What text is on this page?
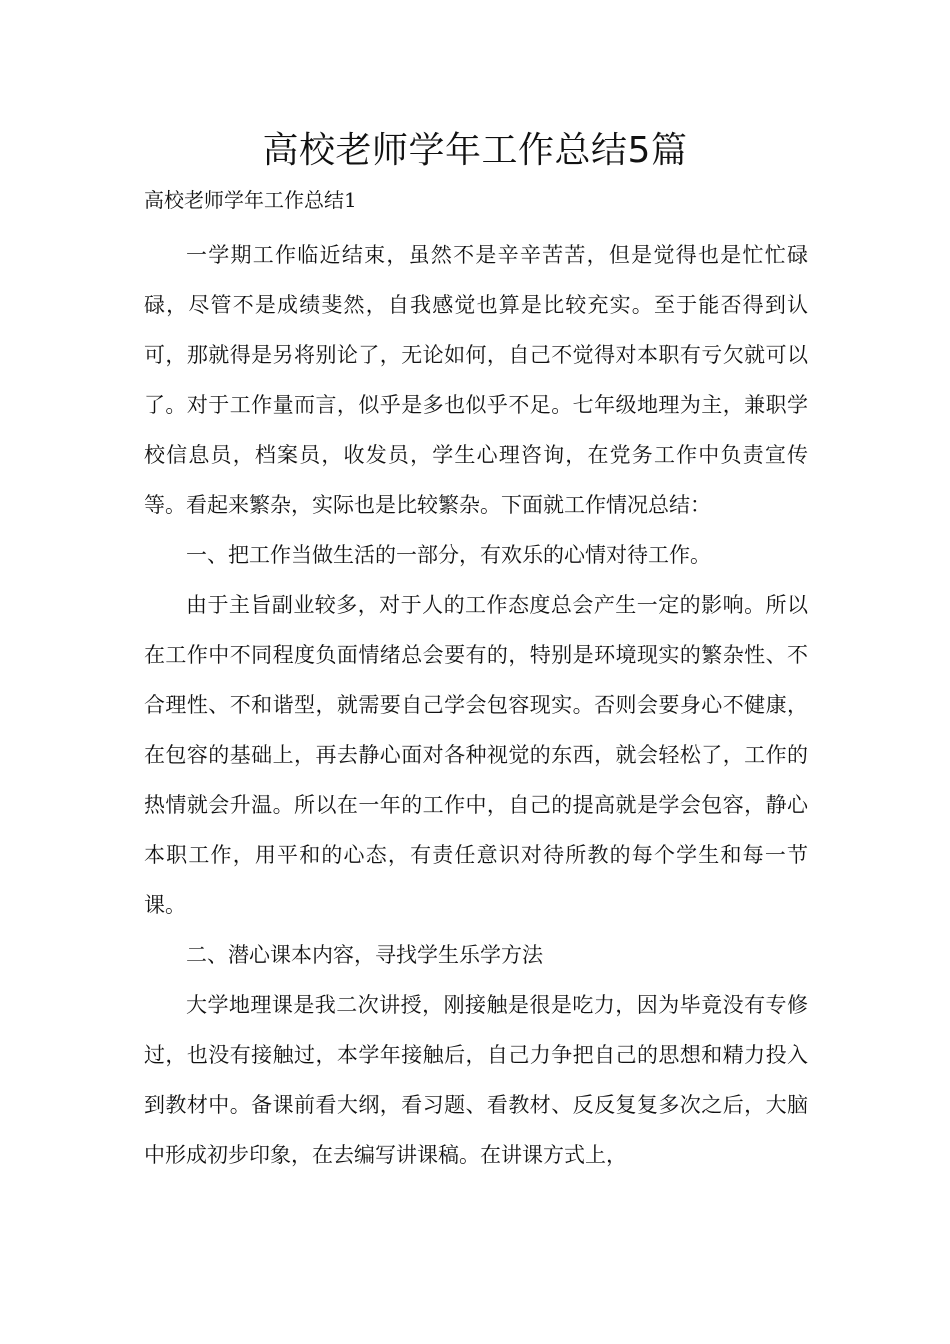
高校老师学年工作总结5篇
高校老师学年工作总结1

一学期工作临近结束，虽然不是辛辛苦苦，但是觉得也是忙忙碌碌，尽管不是成绩斐然，自我感觉也算是比较充实。至于能否得到认可，那就得是另将别论了，无论如何，自己不觉得对本职有亏欠就可以了。对于工作量而言，似乎是多也似乎不足。七年级地理为主，兼职学校信息员，档案员，收发员，学生心理咨询，在党务工作中负责宣传等。看起来繁杂，实际也是比较繁杂。下面就工作情况总结：

一、把工作当做生活的一部分，有欢乐的心情对待工作。

由于主旨副业较多，对于人的工作态度总会产生一定的影响。所以在工作中不同程度负面情绪总会要有的，特别是环境现实的繁杂性、不合理性、不和谐型，就需要自己学会包容现实。否则会要身心不健康，在包容的基础上，再去静心面对各种视觉的东西，就会轻松了，工作的热情就会升温。所以在一年的工作中，自己的提高就是学会包容，静心本职工作，用平和的心态，有责任意识对待所教的每个学生和每一节课。

二、潜心课本内容，寻找学生乐学方法

大学地理课是我二次讲授，刚接触是很是吃力，因为毕竟没有专修过，也没有接触过，本学年接触后，自己力争把自己的思想和精力投入到教材中。备课前看大纲，看习题、看教材、反反复复多次之后，大脑中形成初步印象，在去编写讲课稿。在讲课方式上，
